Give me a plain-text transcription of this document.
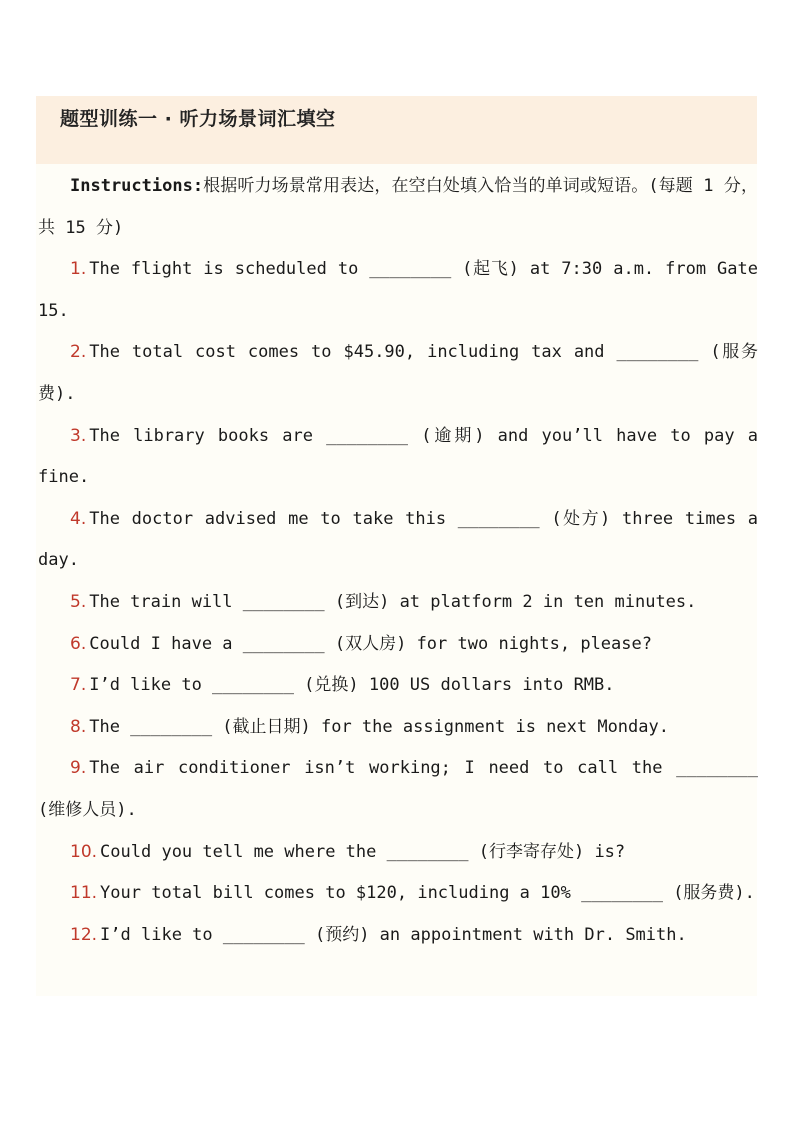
题型训练一 · 听力场景词汇填空

Instructions:根据听力场景常用表达，在空白处填入恰当的单词或短语。(每题 1 分，共 15 分)

1. The flight is scheduled to ________ (起飞) at 7:30 a.m. from Gate 15.

2. The total cost comes to $45.90, including tax and ________ (服务费).

3. The library books are ________ (逾期) and you’ll have to pay a fine.

4. The doctor advised me to take this ________ (处方) three times a day.

5. The train will ________ (到达) at platform 2 in ten minutes.

6. Could I have a ________ (双人房) for two nights, please?

7. I’d like to ________ (兑换) 100 US dollars into RMB.

8. The ________ (截止日期) for the assignment is next Monday.

9. The air conditioner isn’t working; I need to call the ________ (维修人员).

10. Could you tell me where the ________ (行李寄存处) is?

11. Your total bill comes to $120, including a 10% ________ (服务费).

12. I’d like to ________ (预约) an appointment with Dr. Smith.
